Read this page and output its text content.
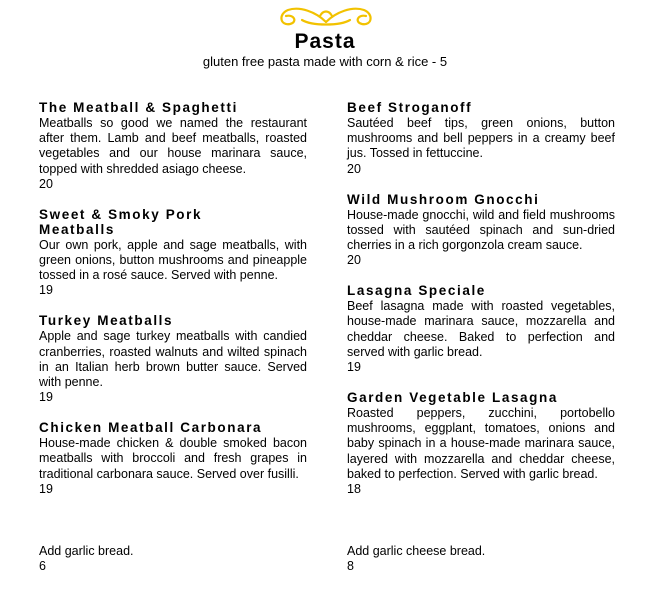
Pasta
gluten free pasta made with corn & rice - 5
The Meatball & Spaghetti
Meatballs so good we named the restaurant after them. Lamb and beef meatballs, roasted vegetables and our house marinara sauce, topped with shredded asiago cheese.
20
Sweet & Smoky Pork Meatballs
Our own pork, apple and sage meatballs, with green onions, button mushrooms and pineapple tossed in a rosé sauce. Served with penne.
19
Turkey Meatballs
Apple and sage turkey meatballs with candied cranberries, roasted walnuts and wilted spinach in an Italian herb brown butter sauce. Served with penne.
19
Chicken Meatball Carbonara
House-made chicken & double smoked bacon meatballs with broccoli and fresh grapes in traditional carbonara sauce. Served over fusilli.
19
Beef Stroganoff
Sautéed beef tips, green onions, button mushrooms and bell peppers in a creamy beef jus. Tossed in fettuccine.
20
Wild Mushroom Gnocchi
House-made gnocchi, wild and field mushrooms tossed with sautéed spinach and sun-dried cherries in a rich gorgonzola cream sauce.
20
Lasagna Speciale
Beef lasagna made with roasted vegetables, house-made marinara sauce, mozzarella and cheddar cheese. Baked to perfection and served with garlic bread.
19
Garden Vegetable Lasagna
Roasted peppers, zucchini, portobello mushrooms, eggplant, tomatoes, onions and baby spinach in a house-made marinara sauce, layered with mozzarella and cheddar cheese, baked to perfection. Served with garlic bread.
18
Add garlic bread.
6
Add garlic cheese bread.
8
